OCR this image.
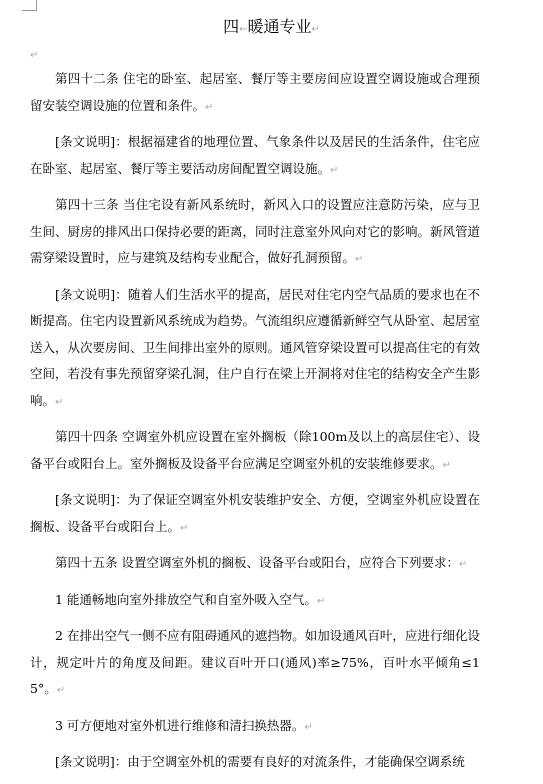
四←暖通专业↵
↵

第四十二条 住宅的卧室、起居室、餐厅等主要房间应设置空调设施或合理预留安装空调设施的位置和条件。↵

[条文说明]：根据福建省的地理位置、气象条件以及居民的生活条件，住宅应在卧室、起居室、餐厅等主要活动房间配置空调设施。↵

第四十三条 当住宅设有新风系统时，新风入口的设置应注意防污染，应与卫生间、厨房的排风出口保持必要的距离，同时注意室外风向对它的影响。新风管道需穿梁设置时，应与建筑及结构专业配合，做好孔洞预留。↵

[条文说明]：随着人们生活水平的提高，居民对住宅内空气品质的要求也在不断提高。住宅内设置新风系统成为趋势。气流组织应遵循新鲜空气从卧室、起居室送入，从次要房间、卫生间排出室外的原则。通风管穿梁设置可以提高住宅的有效空间，若没有事先预留穿梁孔洞，住户自行在梁上开洞将对住宅的结构安全产生影响。↵

第四十四条 空调室外机应设置在室外搁板（除100m及以上的高层住宅）、设备平台或阳台上。室外搁板及设备平台应满足空调室外机的安装维修要求。↵

[条文说明]：为了保证空调室外机安装维护安全、方便，空调室外机应设置在搁板、设备平台或阳台上。↵

第四十五条 设置空调室外机的搁板、设备平台或阳台，应符合下列要求：↵

1 能通畅地向室外排放空气和自室外吸入空气。↵

2 在排出空气一侧不应有阻碍通风的遮挡物。如加设通风百叶，应进行细化设计，规定叶片的角度及间距。建议百叶开口(通风)率≥75%，百叶水平倾角≤15°。↵

3 可方便地对室外机进行维修和清扫换热器。↵

[条文说明]：由于空调室外机的需要有良好的对流条件，才能确保空调系统
